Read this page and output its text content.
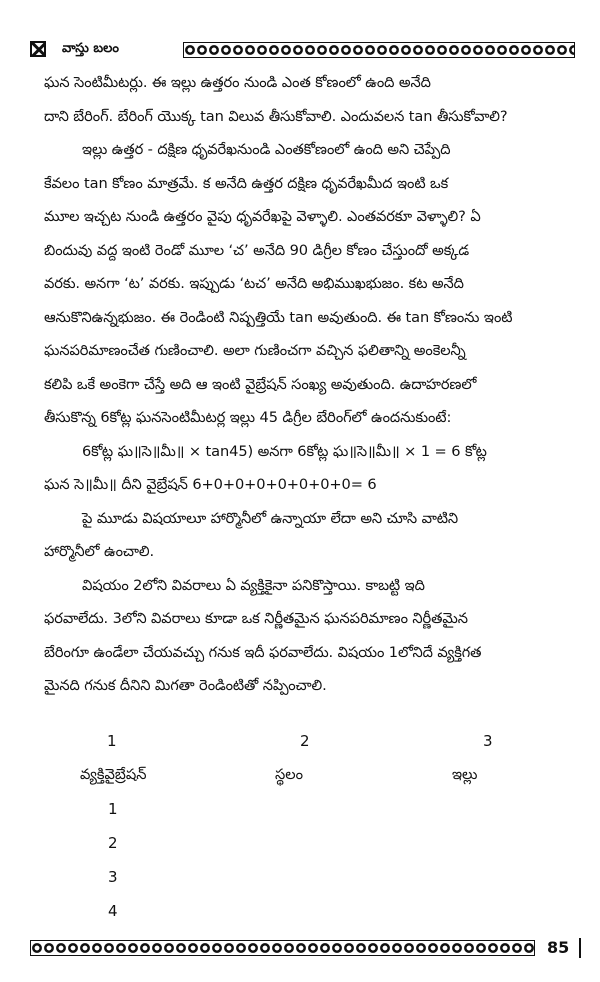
వాస్తు బలం
ఘన సెంటిమీటర్లు. ఈ ఇల్లు ఉత్తరం నుండి ఎంత కోణంలో ఉంది అనేది
దాని బేరింగ్. బేరింగ్ యొక్క tan విలువ తీసుకోవాలి. ఎందువలన tan తీసుకోవాలి?
ఇల్లు ఉత్తర - దక్షిణ ధృవరేఖనుండి ఎంతకోణంలో ఉంది అని చెప్పేది
కేవలం tan కోణం మాత్రమే. క అనేది ఉత్తర దక్షిణ ధృవరేఖమీద ఇంటి ఒక
మూల ఇచ్చట నుండి ఉత్తరం వైపు ధృవరేఖపై వెళ్ళాలి. ఎంతవరకూ వెళ్ళాలి? ఏ
బిందువు వద్ద ఇంటి రెండో మూల ‘చ’ అనేది 90 డిగ్రీల కోణం చేస్తుందో అక్కడ
వరకు. అనగా ‘ట’ వరకు. ఇప్పుడు ‘టచ’ అనేది అభిముఖభుజం. కట అనేది
ఆనుకొనిఉన్నభుజం. ఈ రెండింటి నిష్పత్తియే tan అవుతుంది. ఈ tan కోణంను ఇంటి
ఘనపరిమాణంచేత గుణించాలి. అలా గుణించగా వచ్చిన ఫలితాన్ని అంకెలన్నీ
కలిపి ఒకే అంకెగా చేస్తే అది ఆ ఇంటి వైబ్రేషన్ సంఖ్య అవుతుంది. ఉదాహరణలో
తీసుకొన్న 6కోట్ల ఘనసెంటిమీటర్ల ఇల్లు 45 డిగ్రీల బేరింగ్‌లో ఉందనుకుంటే:
6కోట్ల ఘ॥సె॥మీ॥ × tan45) అనగా 6కోట్ల ఘ॥సె॥మీ॥ × 1 = 6 కోట్ల
ఘన సె॥మీ॥ దీని వైబ్రేషన్ 6+0+0+0+0+0+0+0= 6
పై మూడు విషయాలూ హార్మొనీలో ఉన్నాయా లేదా అని చూసి వాటిని
హార్మొనీలో ఉంచాలి.
విషయం 2లోని వివరాలు ఏ వ్యక్తికైనా పనికొస్తాయి. కాబట్టి ఇది
ఫరవాలేదు. 3లోని వివరాలు కూడా ఒక నిర్ణీతమైన ఘనపరిమాణం నిర్ణీతమైన
బేరింగూ ఉండేలా చేయవచ్చు గనుక ఇదీ ఫరవాలేదు. విషయం 1లోనిదే వ్యక్తిగత
మైనది గనుక దీనిని మిగతా రెండింటితో నప్పించాలి.
1	2	3
వ్యక్తివైబ్రేషన్	స్థలం	ఇల్లు
1
2
3
4
85
